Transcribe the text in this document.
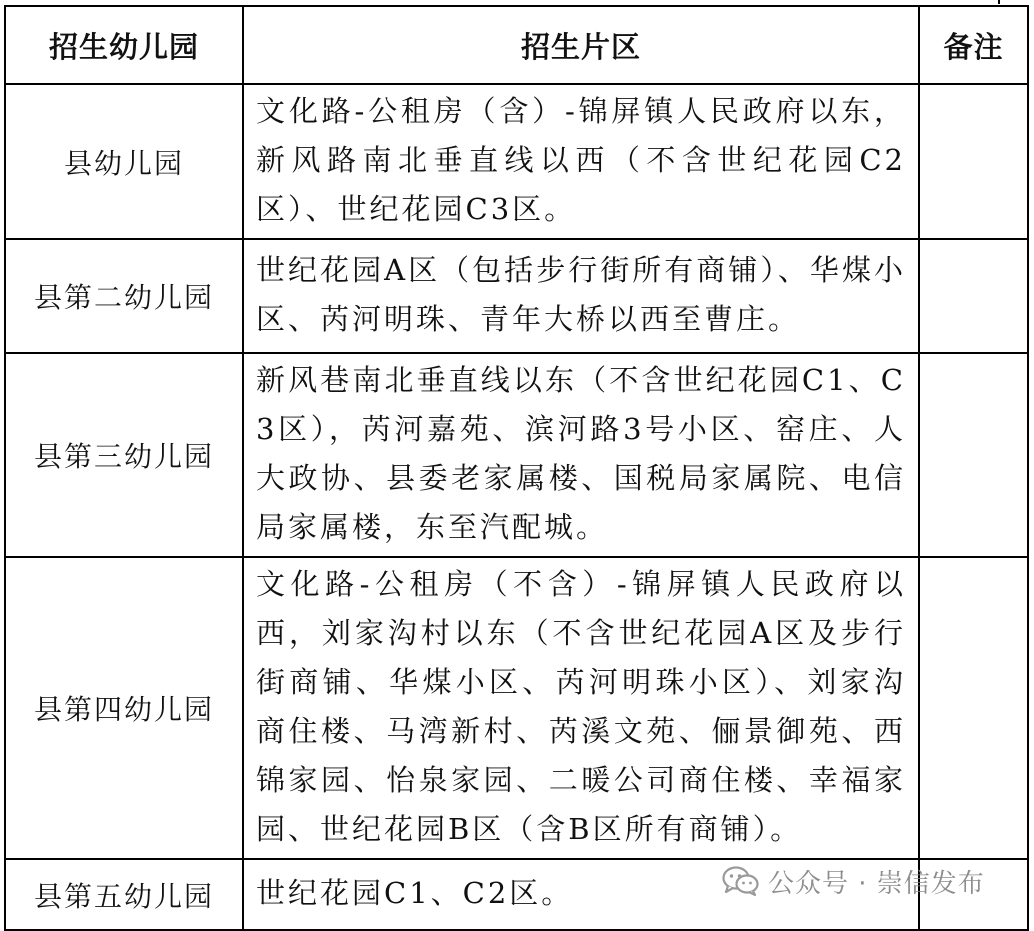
招生幼儿园	招生片区	备注
县幼儿园	文化路-公租房（含）-锦屏镇人民政府以东，新风路南北垂直线以西（不含世纪花园C2区）、世纪花园C3区。	
县第二幼儿园	世纪花园A区（包括步行街所有商铺）、华煤小区、芮河明珠、青年大桥以西至曹庄。	
县第三幼儿园	新风巷南北垂直线以东（不含世纪花园C1、C3区），芮河嘉苑、滨河路3号小区、窑庄、人大政协、县委老家属楼、国税局家属院、电信局家属楼，东至汽配城。	
县第四幼儿园	文化路-公租房（不含）-锦屏镇人民政府以西，刘家沟村以东（不含世纪花园A区及步行街商铺、华煤小区、芮河明珠小区）、刘家沟商住楼、马湾新村、芮溪文苑、俪景御苑、西锦家园、怡泉家园、二暖公司商住楼、幸福家园、世纪花园B区（含B区所有商铺）。	
县第五幼儿园	世纪花园C1、C2区。		公众号 · 崇信发布
